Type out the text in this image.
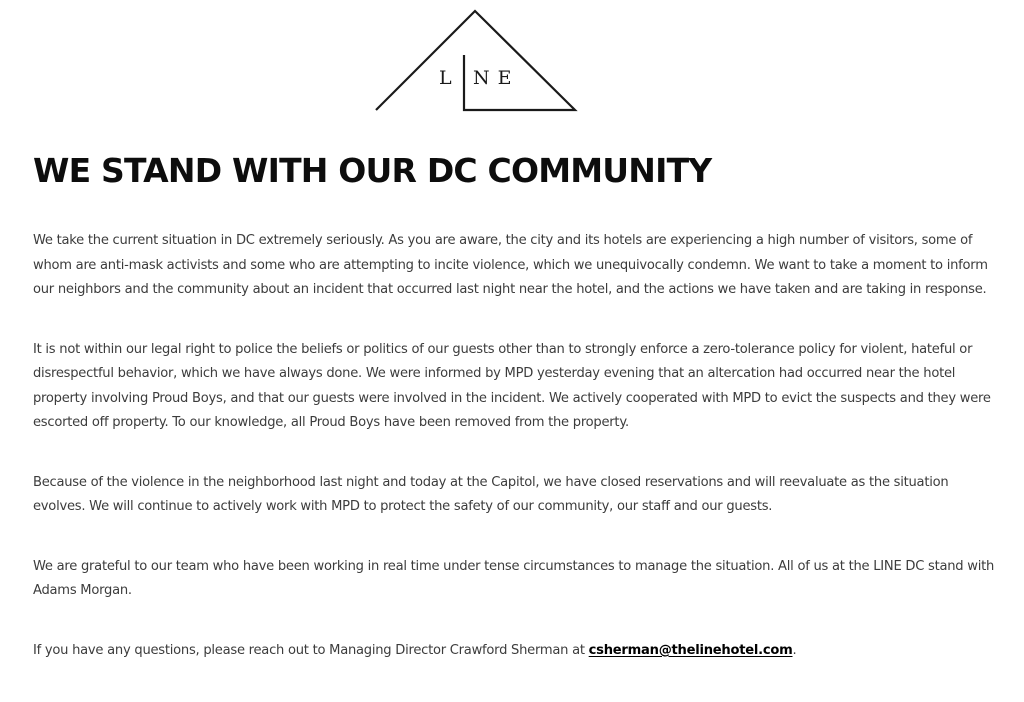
L N E
WE STAND WITH OUR DC COMMUNITY

We take the current situation in DC extremely seriously. As you are aware, the city and its hotels are experiencing a high number of visitors, some of whom are anti-mask activists and some who are attempting to incite violence, which we unequivocally condemn. We want to take a moment to inform our neighbors and the community about an incident that occurred last night near the hotel, and the actions we have taken and are taking in response.

It is not within our legal right to police the beliefs or politics of our guests other than to strongly enforce a zero-tolerance policy for violent, hateful or disrespectful behavior, which we have always done. We were informed by MPD yesterday evening that an altercation had occurred near the hotel property involving Proud Boys, and that our guests were involved in the incident. We actively cooperated with MPD to evict the suspects and they were escorted off property. To our knowledge, all Proud Boys have been removed from the property.

Because of the violence in the neighborhood last night and today at the Capitol, we have closed reservations and will reevaluate as the situation evolves. We will continue to actively work with MPD to protect the safety of our community, our staff and our guests.

We are grateful to our team who have been working in real time under tense circumstances to manage the situation. All of us at the LINE DC stand with Adams Morgan.

If you have any questions, please reach out to Managing Director Crawford Sherman at csherman@thelinehotel.com.
